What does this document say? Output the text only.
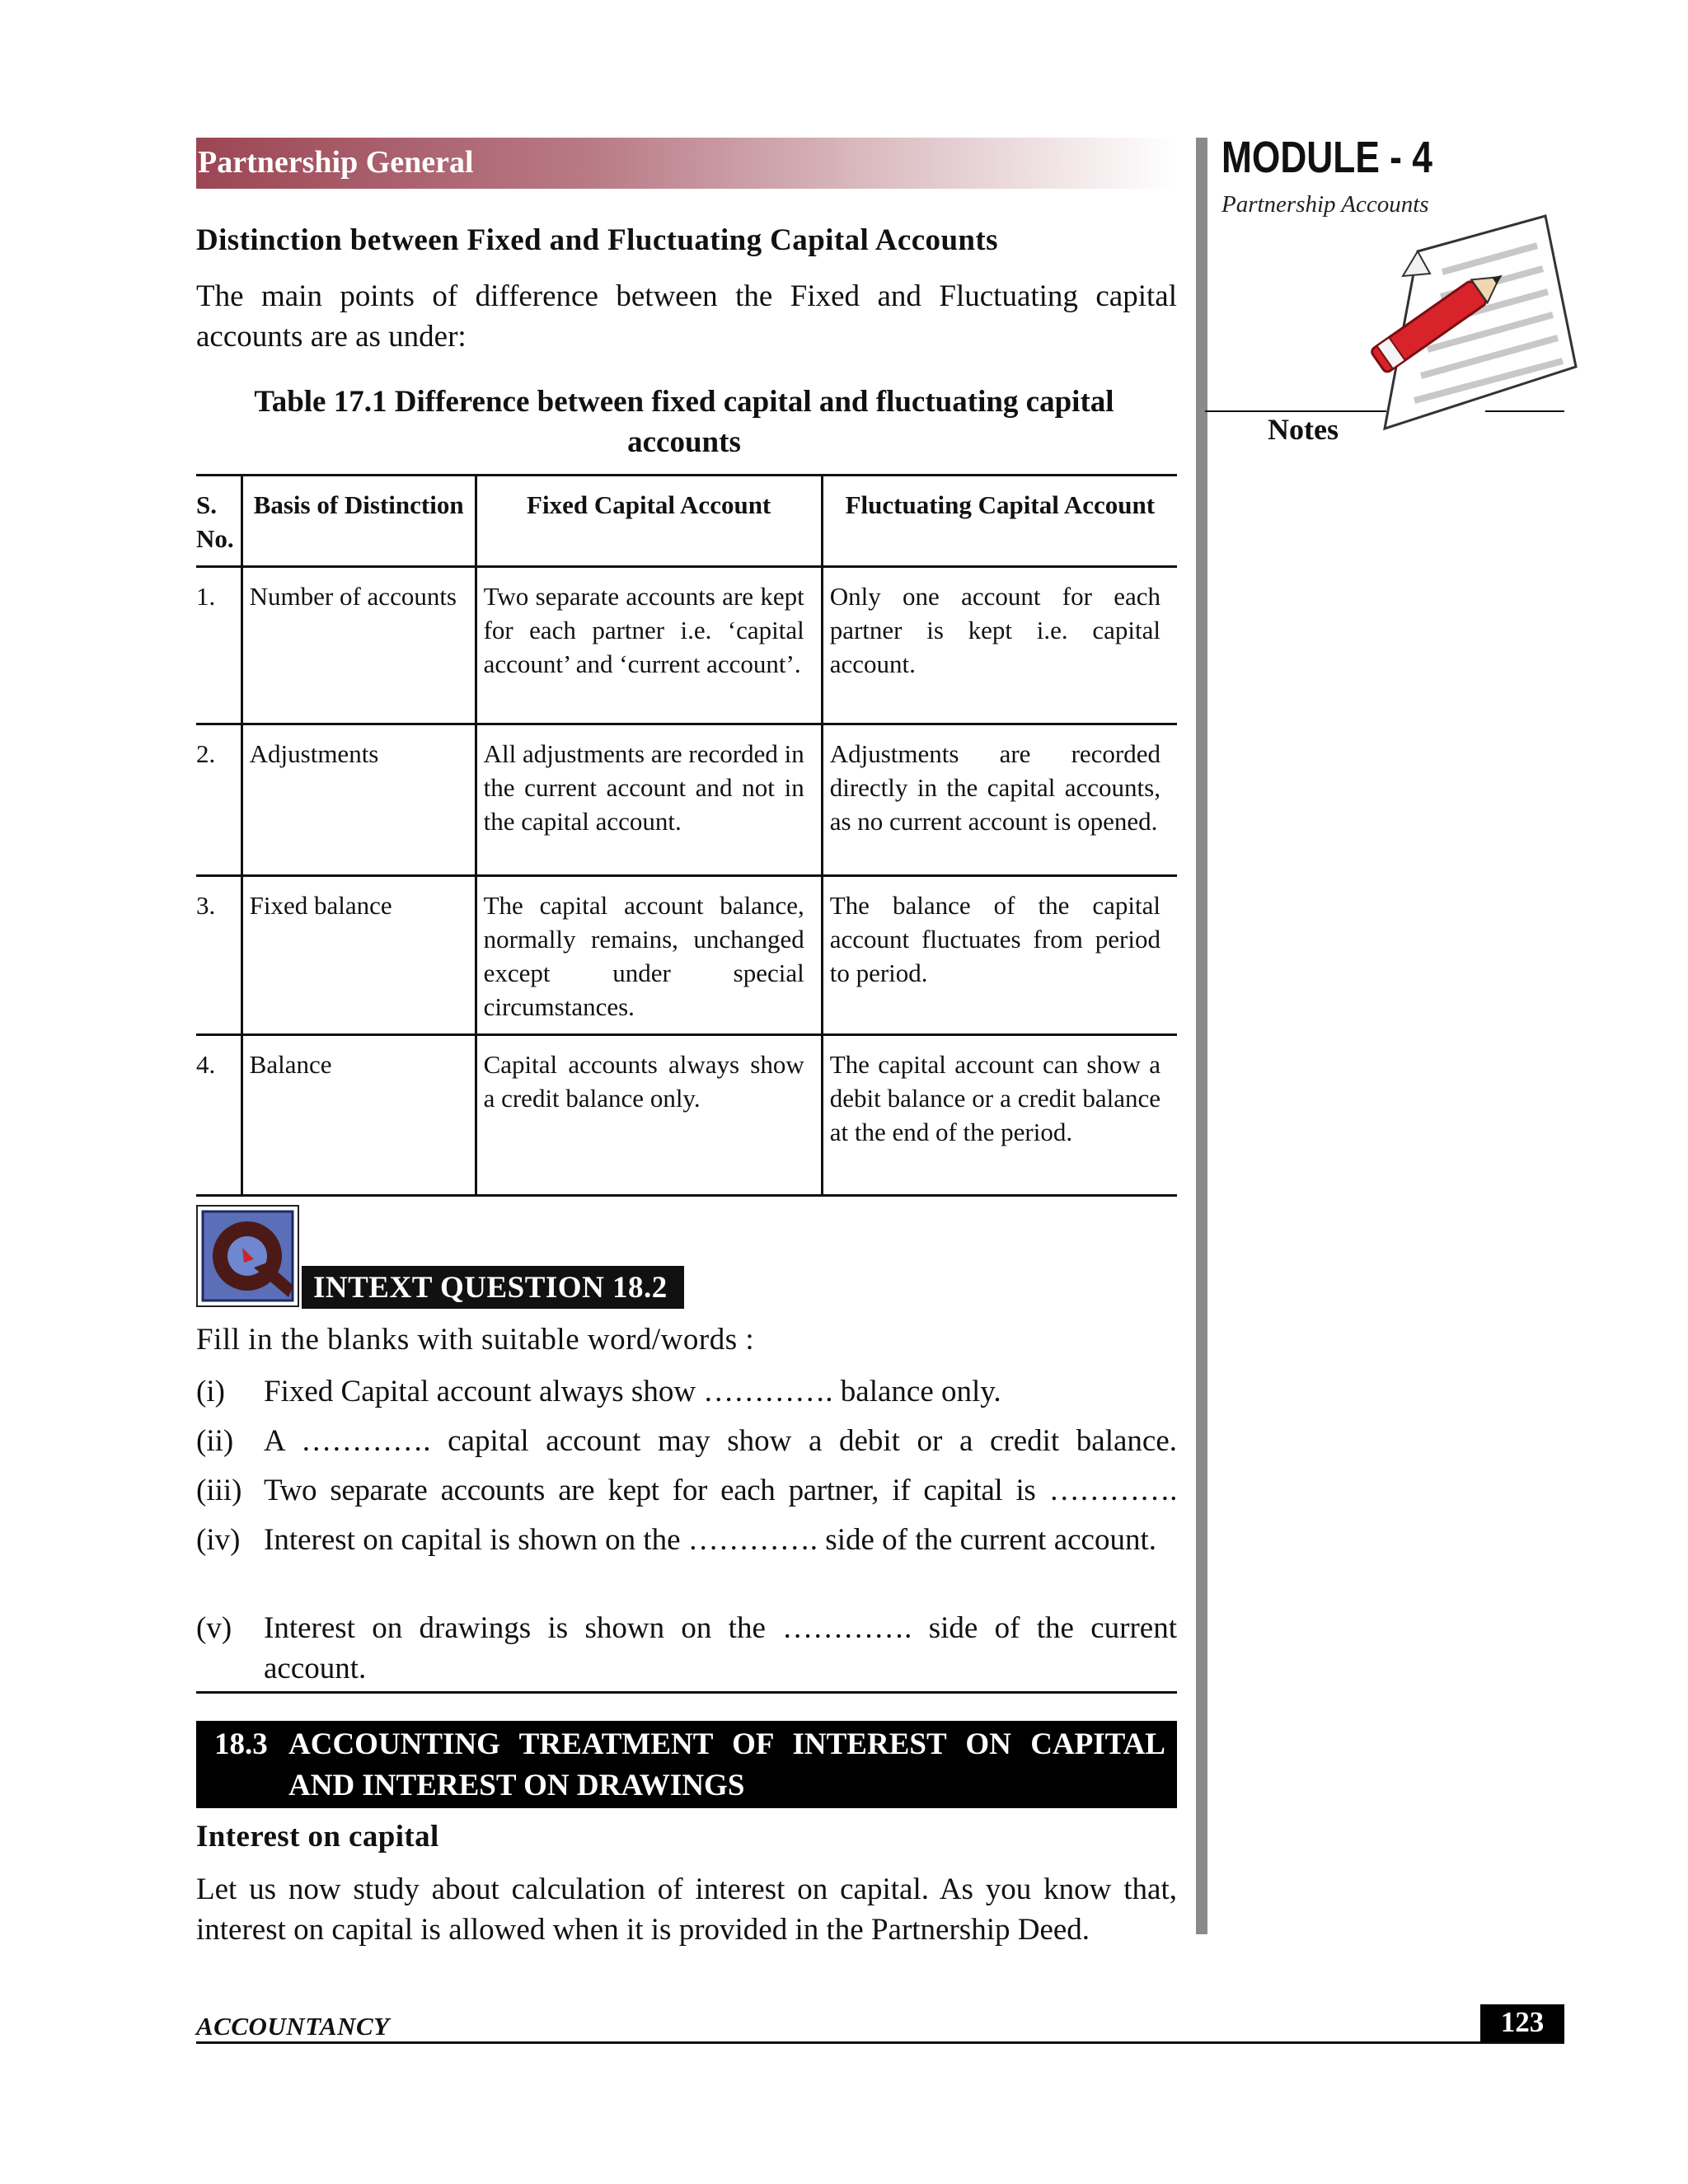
Partnership General	MODULE - 4
Partnership Accounts
Notes
Distinction between Fixed and Fluctuating Capital Accounts
The main points of difference between the Fixed and Fluctuating capital accounts are as under:
Table 17.1 Difference between fixed capital and fluctuating capital accounts
S. No.	Basis of Distinction	Fixed Capital Account	Fluctuating Capital Account
1.	Number of accounts	Two separate accounts are kept for each partner i.e. ‘capital account’ and ‘current account’.	Only one account for each partner is kept i.e. capital account.
2.	Adjustments	All adjustments are recorded in the current account and not in the capital account.	Adjustments are recorded directly in the capital accounts, as no current account is opened.
3.	Fixed balance	The capital account balance, normally remains, unchanged except under special circumstances.	The balance of the capital account fluctuates from period to period.
4.	Balance	Capital accounts always show a credit balance only.	The capital account can show a debit balance or a credit balance at the end of the period.
INTEXT QUESTION 18.2
Fill in the blanks with suitable word/words :
(i) Fixed Capital account always show …………. balance only.
(ii) A …………. capital account may show a debit or a credit balance.
(iii) Two separate accounts are kept for each partner, if capital is ………….
(iv) Interest on capital is shown on the …………. side of the current account.
(v) Interest on drawings is shown on the …………. side of the current account.
18.3 ACCOUNTING TREATMENT OF INTEREST ON CAPITAL AND INTEREST ON DRAWINGS
Interest on capital
Let us now study about calculation of interest on capital. As you know that, interest on capital is allowed when it is provided in the Partnership Deed.
ACCOUNTANCY	123
